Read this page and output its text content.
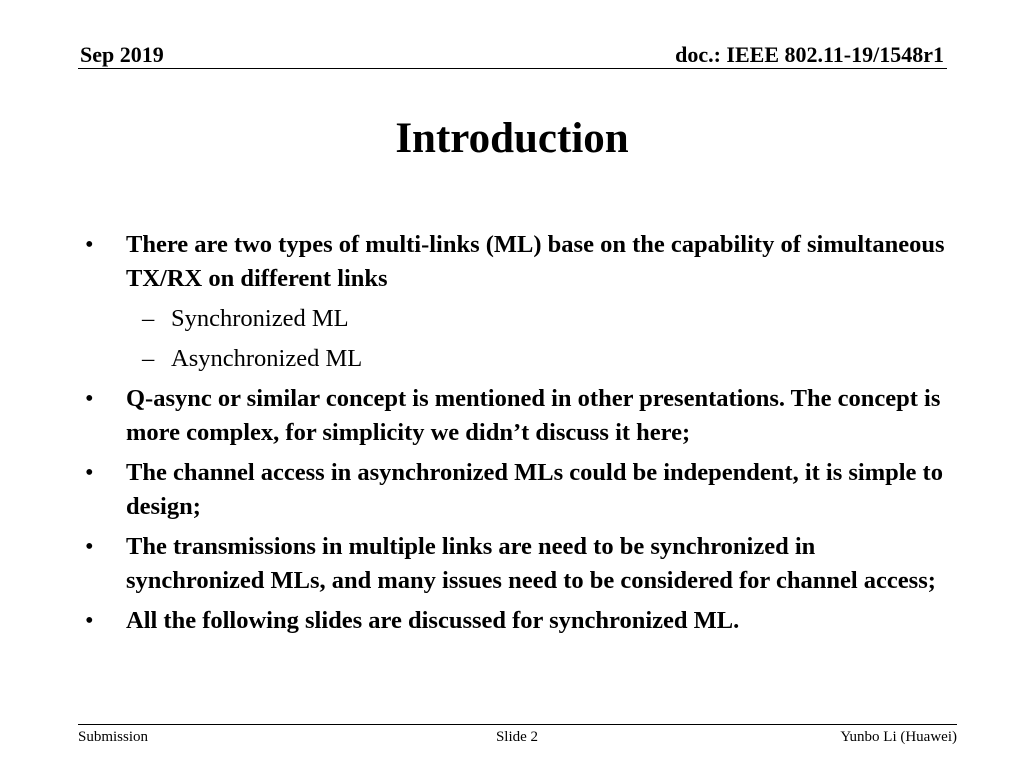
Sep 2019	doc.: IEEE 802.11-19/1548r1
Introduction
• There are two types of multi-links (ML) base on the capability of simultaneous TX/RX on different links
– Synchronized ML
– Asynchronized ML
• Q-async or similar concept is mentioned in other presentations. The concept is more complex, for simplicity we didn’t discuss it here;
• The channel access in asynchronized MLs could be independent, it is simple to design;
• The transmissions in multiple links are need to be synchronized in synchronized MLs, and many issues need to be considered for channel access;
• All the following slides are discussed for synchronized ML.
Submission	Slide 2	Yunbo Li (Huawei)
